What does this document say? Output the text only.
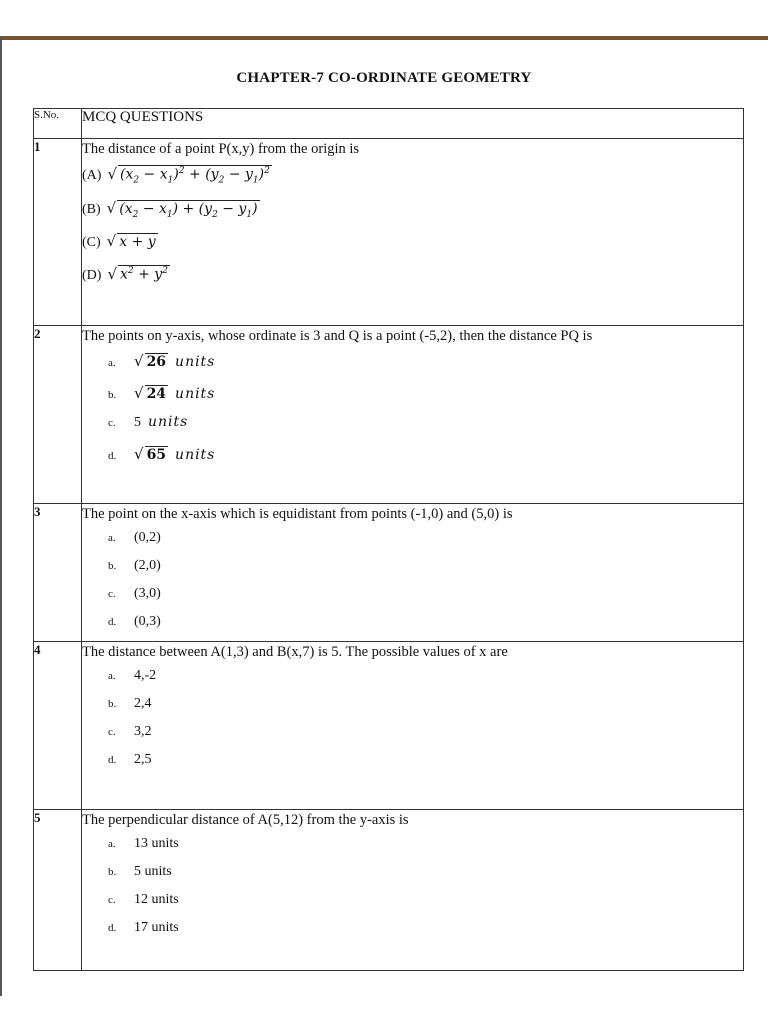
CHAPTER-7 CO-ORDINATE GEOMETRY
S.No.	MCQ QUESTIONS
1	The distance of a point P(x,y) from the origin is
(A) √ $(x_2 - x_1)^2 + (y_2 - y_1)^2$
(B) √ $(x_2 - x_1) + (y_2 - y_1)$
(C) √ x + y
(D) √ $x^2 + y^2$

2	The points on y-axis, whose ordinate is 3 and Q is a point (-5,2), then the distance PQ is
a. √ 26 units
b. √ 24 units
c. 5 units
d. √ 65 units

3	The point on the x-axis which is equidistant from points (-1,0) and (5,0) is
a. (0,2)
b. (2,0)
c. (3,0)
d. (0,3)

4	The distance between A(1,3) and B(x,7) is 5. The possible values of x are
a. 4,-2
b. 2,4
c. 3,2
d. 2,5

5	The perpendicular distance of A(5,12) from the y-axis is
a. 13 units
b. 5 units
c. 12 units
d. 17 units
